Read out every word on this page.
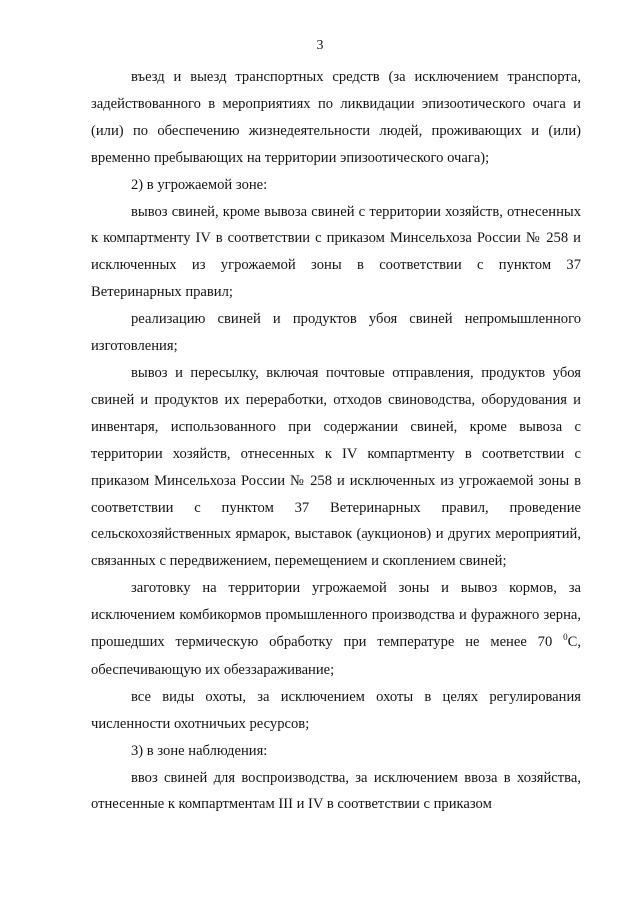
3

въезд и выезд транспортных средств (за исключением транспорта, задействованного в мероприятиях по ликвидации эпизоотического очага и (или) по обеспечению жизнедеятельности людей, проживающих и (или) временно пребывающих на территории эпизоотического очага);

2) в угрожаемой зоне:

вывоз свиней, кроме вывоза свиней с территории хозяйств, отнесенных к компартменту IV в соответствии с приказом Минсельхоза России № 258 и исключенных из угрожаемой зоны в соответствии с пунктом 37 Ветеринарных правил;

реализацию свиней и продуктов убоя свиней непромышленного изготовления;

вывоз и пересылку, включая почтовые отправления, продуктов убоя свиней и продуктов их переработки, отходов свиноводства, оборудования и инвентаря, использованного при содержании свиней, кроме вывоза с территории хозяйств, отнесенных к IV компартменту в соответствии с приказом Минсельхоза России № 258 и исключенных из угрожаемой зоны в соответствии с пунктом 37 Ветеринарных правил, проведение сельскохозяйственных ярмарок, выставок (аукционов) и других мероприятий, связанных с передвижением, перемещением и скоплением свиней;

заготовку на территории угрожаемой зоны и вывоз кормов, за исключением комбикормов промышленного производства и фуражного зерна, прошедших термическую обработку при температуре не менее 70 $^0$С, обеспечивающую их обеззараживание;

все виды охоты, за исключением охоты в целях регулирования численности охотничьих ресурсов;

3) в зоне наблюдения:

ввоз свиней для воспроизводства, за исключением ввоза в хозяйства, отнесенные к компартментам III и IV в соответствии с приказом
